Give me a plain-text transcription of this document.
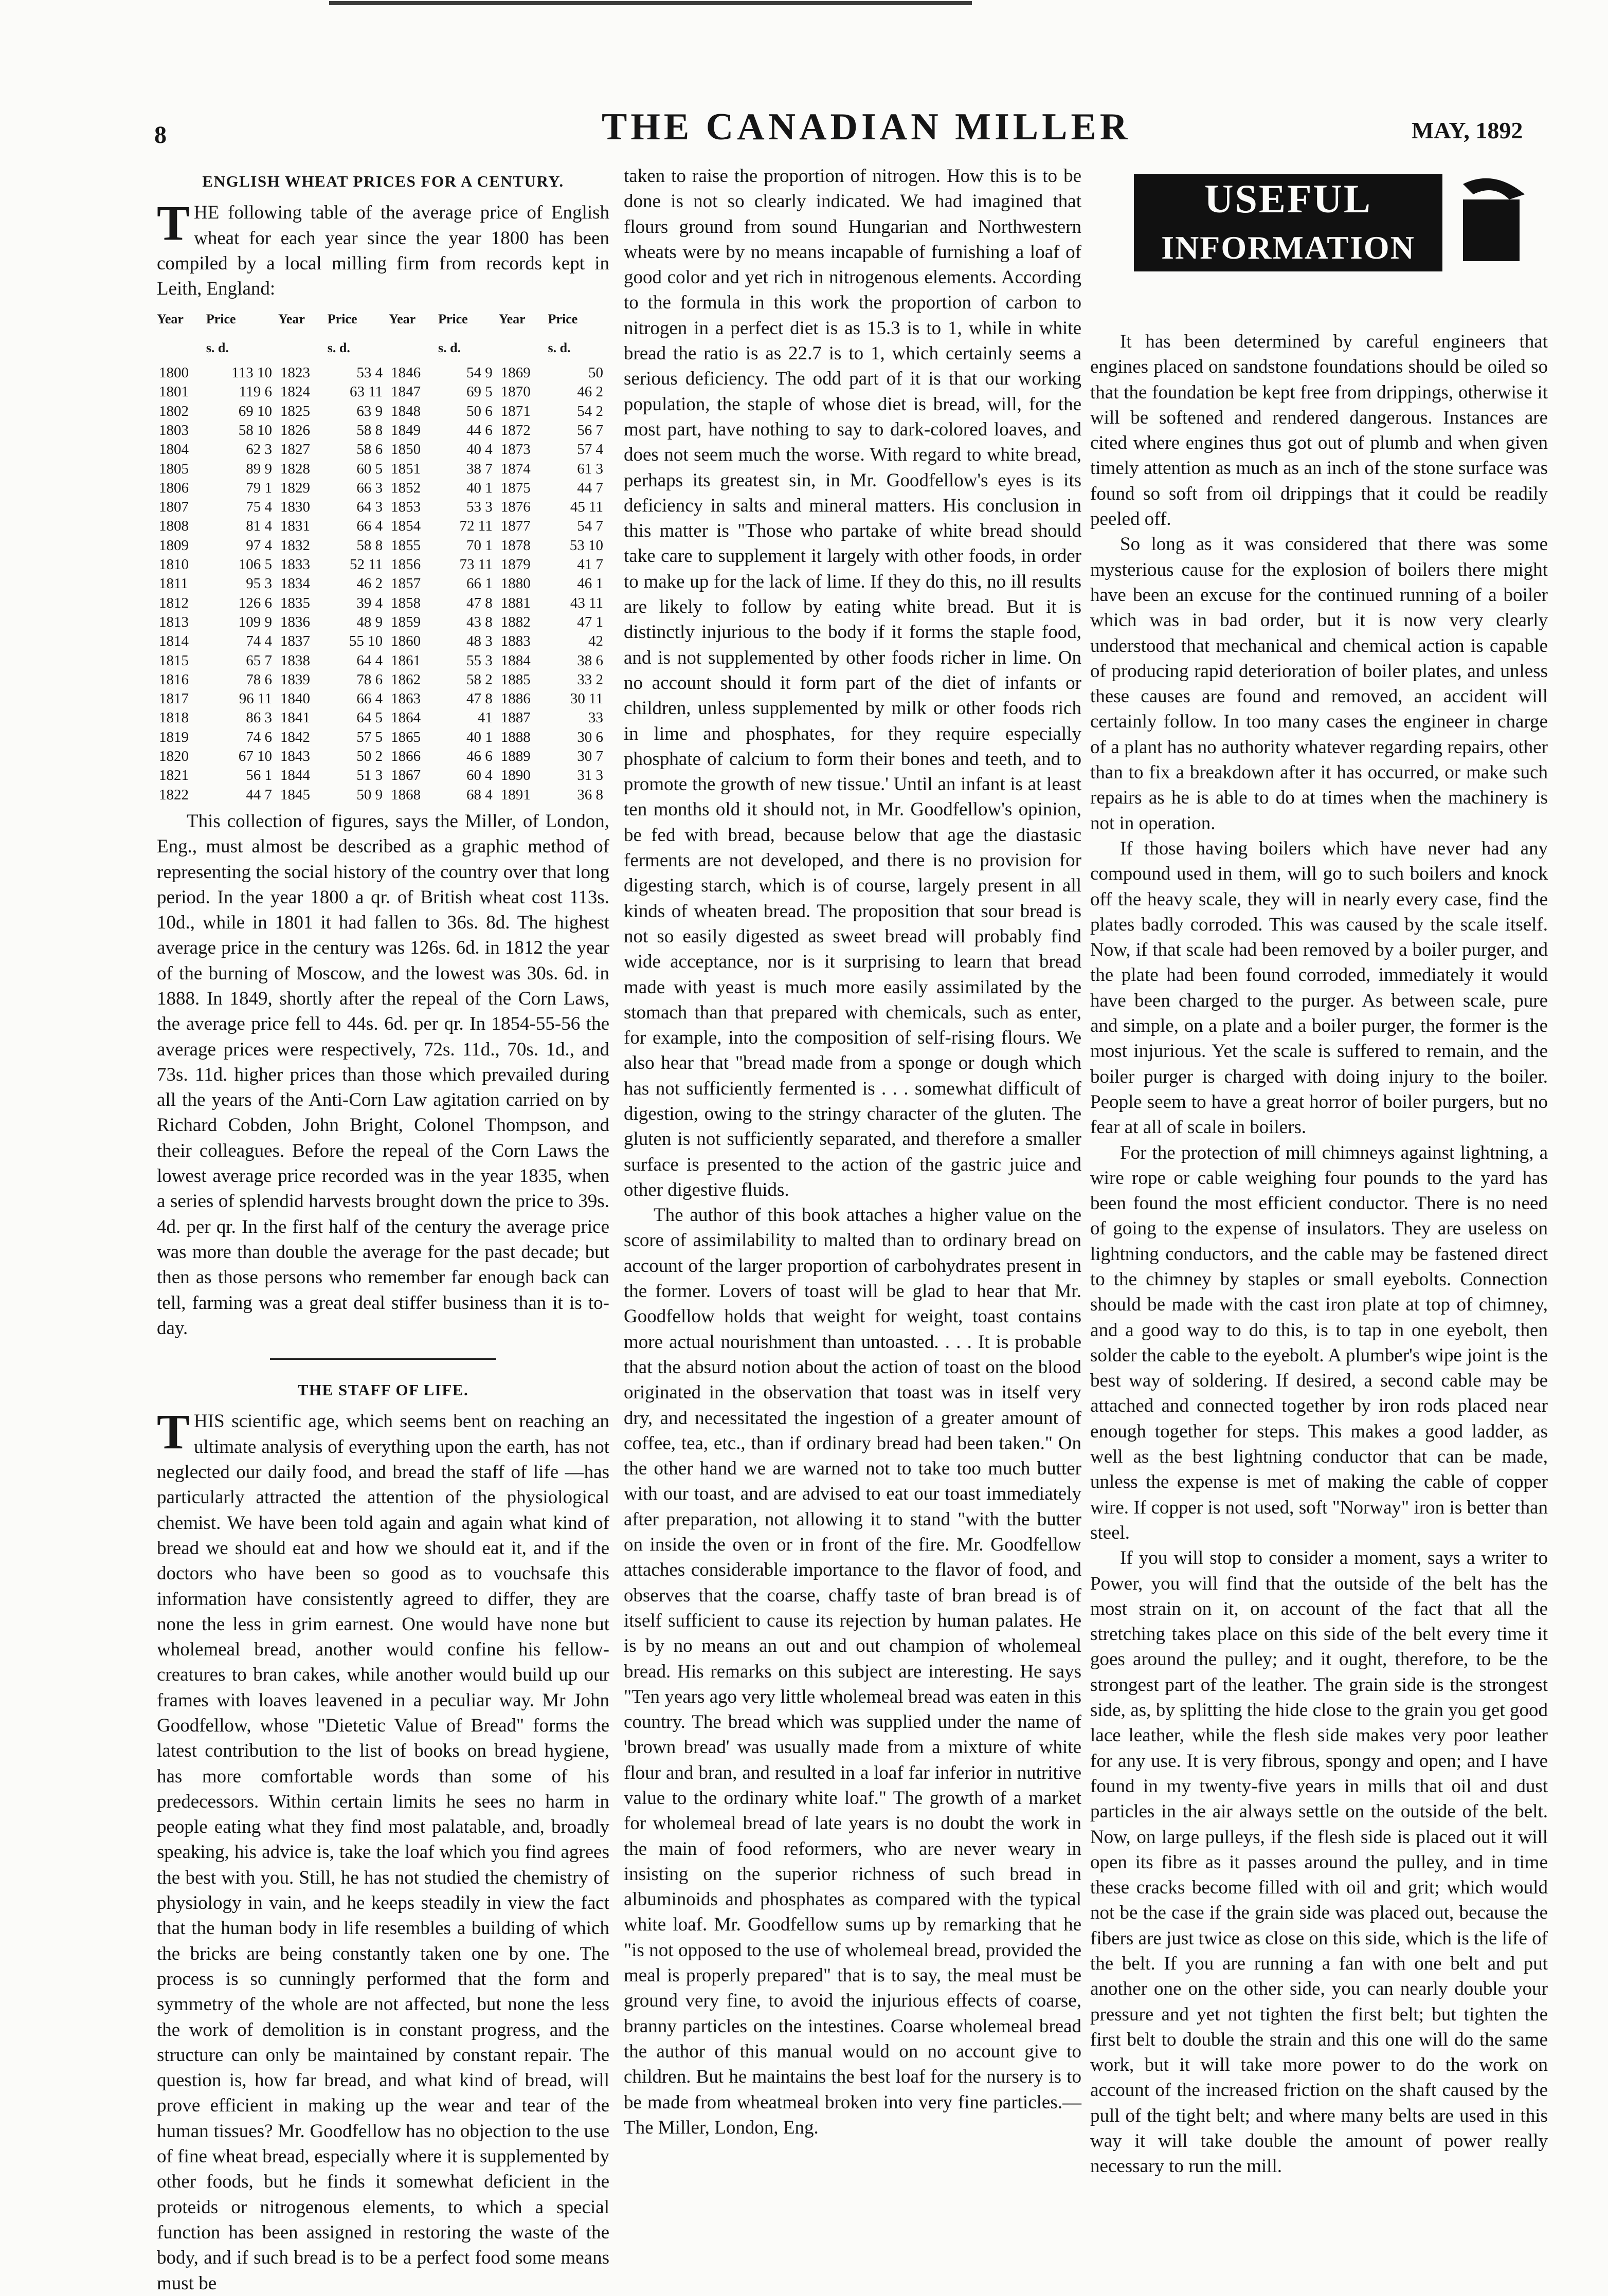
8	THE CANADIAN MILLER	MAY, 1892
ENGLISH WHEAT PRICES FOR A CENTURY.

THE following table of the average price of English wheat for each year since the year 1800 has been compiled by a local milling firm from records kept in Leith, England:

Year	Price	Year	Price	Year	Price	Year	Price
	s. d.		s. d.		s. d.		s. d.
1800	113 10	1823	53 4	1846	54 9	1869	50
1801	119 6	1824	63 11	1847	69 5	1870	46 2
1802	69 10	1825	63 9	1848	50 6	1871	54 2
1803	58 10	1826	58 8	1849	44 6	1872	56 7
1804	62 3	1827	58 6	1850	40 4	1873	57 4
1805	89 9	1828	60 5	1851	38 7	1874	61 3
1806	79 1	1829	66 3	1852	40 1	1875	44 7
1807	75 4	1830	64 3	1853	53 3	1876	45 11
1808	81 4	1831	66 4	1854	72 11	1877	54 7
1809	97 4	1832	58 8	1855	70 1	1878	53 10
1810	106 5	1833	52 11	1856	73 11	1879	41 7
1811	95 3	1834	46 2	1857	66 1	1880	46 1
1812	126 6	1835	39 4	1858	47 8	1881	43 11
1813	109 9	1836	48 9	1859	43 8	1882	47 1
1814	74 4	1837	55 10	1860	48 3	1883	42
1815	65 7	1838	64 4	1861	55 3	1884	38 6
1816	78 6	1839	78 6	1862	58 2	1885	33 2
1817	96 11	1840	66 4	1863	47 8	1886	30 11
1818	86 3	1841	64 5	1864	41	1887	33
1819	74 6	1842	57 5	1865	40 1	1888	30 6
1820	67 10	1843	50 2	1866	46 6	1889	30 7
1821	56 1	1844	51 3	1867	60 4	1890	31 3
1822	44 7	1845	50 9	1868	68 4	1891	36 8

This collection of figures, says the Miller, of London, Eng., must almost be described as a graphic method of representing the social history of the country over that long period. In the year 1800 a qr. of British wheat cost 113s. 10d., while in 1801 it had fallen to 36s. 8d. The highest average price in the century was 126s. 6d. in 1812 the year of the burning of Moscow, and the lowest was 30s. 6d. in 1888. In 1849, shortly after the repeal of the Corn Laws, the average price fell to 44s. 6d. per qr. In 1854-55-56 the average prices were respectively, 72s. 11d., 70s. 1d., and 73s. 11d. higher prices than those which prevailed during all the years of the Anti-Corn Law agitation carried on by Richard Cobden, John Bright, Colonel Thompson, and their colleagues. Before the repeal of the Corn Laws the lowest average price recorded was in the year 1835, when a series of splendid harvests brought down the price to 39s. 4d. per qr. In the first half of the century the average price was more than double the average for the past decade; but then as those persons who remember far enough back can tell, farming was a great deal stiffer business than it is to-day.

THE STAFF OF LIFE.

THIS scientific age, which seems bent on reaching an ultimate analysis of everything upon the earth, has not neglected our daily food, and bread the staff of life —has particularly attracted the attention of the physiological chemist. We have been told again and again what kind of bread we should eat and how we should eat it, and if the doctors who have been so good as to vouchsafe this information have consistently agreed to differ, they are none the less in grim earnest. One would have none but wholemeal bread, another would confine his fellow-creatures to bran cakes, while another would build up our frames with loaves leavened in a peculiar way. Mr John Goodfellow, whose "Dietetic Value of Bread" forms the latest contribution to the list of books on bread hygiene, has more comfortable words than some of his predecessors. Within certain limits he sees no harm in people eating what they find most palatable, and, broadly speaking, his advice is, take the loaf which you find agrees the best with you. Still, he has not studied the chemistry of physiology in vain, and he keeps steadily in view the fact that the human body in life resembles a building of which the bricks are being constantly taken one by one. The process is so cunningly performed that the form and symmetry of the whole are not affected, but none the less the work of demolition is in constant progress, and the structure can only be maintained by constant repair. The question is, how far bread, and what kind of bread, will prove efficient in making up the wear and tear of the human tissues? Mr. Goodfellow has no objection to the use of fine wheat bread, especially where it is supplemented by other foods, but he finds it somewhat deficient in the proteids or nitrogenous elements, to which a special function has been assigned in restoring the waste of the body, and if such bread is to be a perfect food some means must be

taken to raise the proportion of nitrogen. How this is to be done is not so clearly indicated. We had imagined that flours ground from sound Hungarian and Northwestern wheats were by no means incapable of furnishing a loaf of good color and yet rich in nitrogenous elements. According to the formula in this work the proportion of carbon to nitrogen in a perfect diet is as 15.3 is to 1, while in white bread the ratio is as 22.7 is to 1, which certainly seems a serious deficiency. The odd part of it is that our working population, the staple of whose diet is bread, will, for the most part, have nothing to say to dark-colored loaves, and does not seem much the worse. With regard to white bread, perhaps its greatest sin, in Mr. Goodfellow's eyes is its deficiency in salts and mineral matters. His conclusion in this matter is "Those who partake of white bread should take care to supplement it largely with other foods, in order to make up for the lack of lime. If they do this, no ill results are likely to follow by eating white bread. But it is distinctly injurious to the body if it forms the staple food, and is not supplemented by other foods richer in lime. On no account should it form part of the diet of infants or children, unless supplemented by milk or other foods rich in lime and phosphates, for they require especially phosphate of calcium to form their bones and teeth, and to promote the growth of new tissue.' Until an infant is at least ten months old it should not, in Mr. Goodfellow's opinion, be fed with bread, because below that age the diastasic ferments are not developed, and there is no provision for digesting starch, which is of course, largely present in all kinds of wheaten bread. The proposition that sour bread is not so easily digested as sweet bread will probably find wide acceptance, nor is it surprising to learn that bread made with yeast is much more easily assimilated by the stomach than that prepared with chemicals, such as enter, for example, into the composition of self-rising flours. We also hear that "bread made from a sponge or dough which has not sufficiently fermented is . . . somewhat difficult of digestion, owing to the stringy character of the gluten. The gluten is not sufficiently separated, and therefore a smaller surface is presented to the action of the gastric juice and other digestive fluids.

The author of this book attaches a higher value on the score of assimilability to malted than to ordinary bread on account of the larger proportion of carbohydrates present in the former. Lovers of toast will be glad to hear that Mr. Goodfellow holds that weight for weight, toast contains more actual nourishment than untoasted. . . . It is probable that the absurd notion about the action of toast on the blood originated in the observation that toast was in itself very dry, and necessitated the ingestion of a greater amount of coffee, tea, etc., than if ordinary bread had been taken." On the other hand we are warned not to take too much butter with our toast, and are advised to eat our toast immediately after preparation, not allowing it to stand "with the butter on inside the oven or in front of the fire. Mr. Goodfellow attaches considerable importance to the flavor of food, and observes that the coarse, chaffy taste of bran bread is of itself sufficient to cause its rejection by human palates. He is by no means an out and out champion of wholemeal bread. His remarks on this subject are interesting. He says "Ten years ago very little wholemeal bread was eaten in this country. The bread which was supplied under the name of 'brown bread' was usually made from a mixture of white flour and bran, and resulted in a loaf far inferior in nutritive value to the ordinary white loaf." The growth of a market for wholemeal bread of late years is no doubt the work in the main of food reformers, who are never weary in insisting on the superior richness of such bread in albuminoids and phosphates as compared with the typical white loaf. Mr. Goodfellow sums up by remarking that he "is not opposed to the use of wholemeal bread, provided the meal is properly prepared" that is to say, the meal must be ground very fine, to avoid the injurious effects of coarse, branny particles on the intestines. Coarse wholemeal bread the author of this manual would on no account give to children. But he maintains the best loaf for the nursery is to be made from wheatmeal broken into very fine particles.—The Miller, London, Eng.

USEFUL
INFORMATION

It has been determined by careful engineers that engines placed on sandstone foundations should be oiled so that the foundation be kept free from drippings, otherwise it will be softened and rendered dangerous. Instances are cited where engines thus got out of plumb and when given timely attention as much as an inch of the stone surface was found so soft from oil drippings that it could be readily peeled off.

So long as it was considered that there was some mysterious cause for the explosion of boilers there might have been an excuse for the continued running of a boiler which was in bad order, but it is now very clearly understood that mechanical and chemical action is capable of producing rapid deterioration of boiler plates, and unless these causes are found and removed, an accident will certainly follow. In too many cases the engineer in charge of a plant has no authority whatever regarding repairs, other than to fix a breakdown after it has occurred, or make such repairs as he is able to do at times when the machinery is not in operation.

If those having boilers which have never had any compound used in them, will go to such boilers and knock off the heavy scale, they will in nearly every case, find the plates badly corroded. This was caused by the scale itself. Now, if that scale had been removed by a boiler purger, and the plate had been found corroded, immediately it would have been charged to the purger. As between scale, pure and simple, on a plate and a boiler purger, the former is the most injurious. Yet the scale is suffered to remain, and the boiler purger is charged with doing injury to the boiler. People seem to have a great horror of boiler purgers, but no fear at all of scale in boilers.

For the protection of mill chimneys against lightning, a wire rope or cable weighing four pounds to the yard has been found the most efficient conductor. There is no need of going to the expense of insulators. They are useless on lightning conductors, and the cable may be fastened direct to the chimney by staples or small eyebolts. Connection should be made with the cast iron plate at top of chimney, and a good way to do this, is to tap in one eyebolt, then solder the cable to the eyebolt. A plumber's wipe joint is the best way of soldering. If desired, a second cable may be attached and connected together by iron rods placed near enough together for steps. This makes a good ladder, as well as the best lightning conductor that can be made, unless the expense is met of making the cable of copper wire. If copper is not used, soft "Norway" iron is better than steel.

If you will stop to consider a moment, says a writer to Power, you will find that the outside of the belt has the most strain on it, on account of the fact that all the stretching takes place on this side of the belt every time it goes around the pulley; and it ought, therefore, to be the strongest part of the leather. The grain side is the strongest side, as, by splitting the hide close to the grain you get good lace leather, while the flesh side makes very poor leather for any use. It is very fibrous, spongy and open; and I have found in my twenty-five years in mills that oil and dust particles in the air always settle on the outside of the belt. Now, on large pulleys, if the flesh side is placed out it will open its fibre as it passes around the pulley, and in time these cracks become filled with oil and grit; which would not be the case if the grain side was placed out, because the fibers are just twice as close on this side, which is the life of the belt. If you are running a fan with one belt and put another one on the other side, you can nearly double your pressure and yet not tighten the first belt; but tighten the first belt to double the strain and this one will do the same work, but it will take more power to do the work on account of the increased friction on the shaft caused by the pull of the tight belt; and where many belts are used in this way it will take double the amount of power really necessary to run the mill.
